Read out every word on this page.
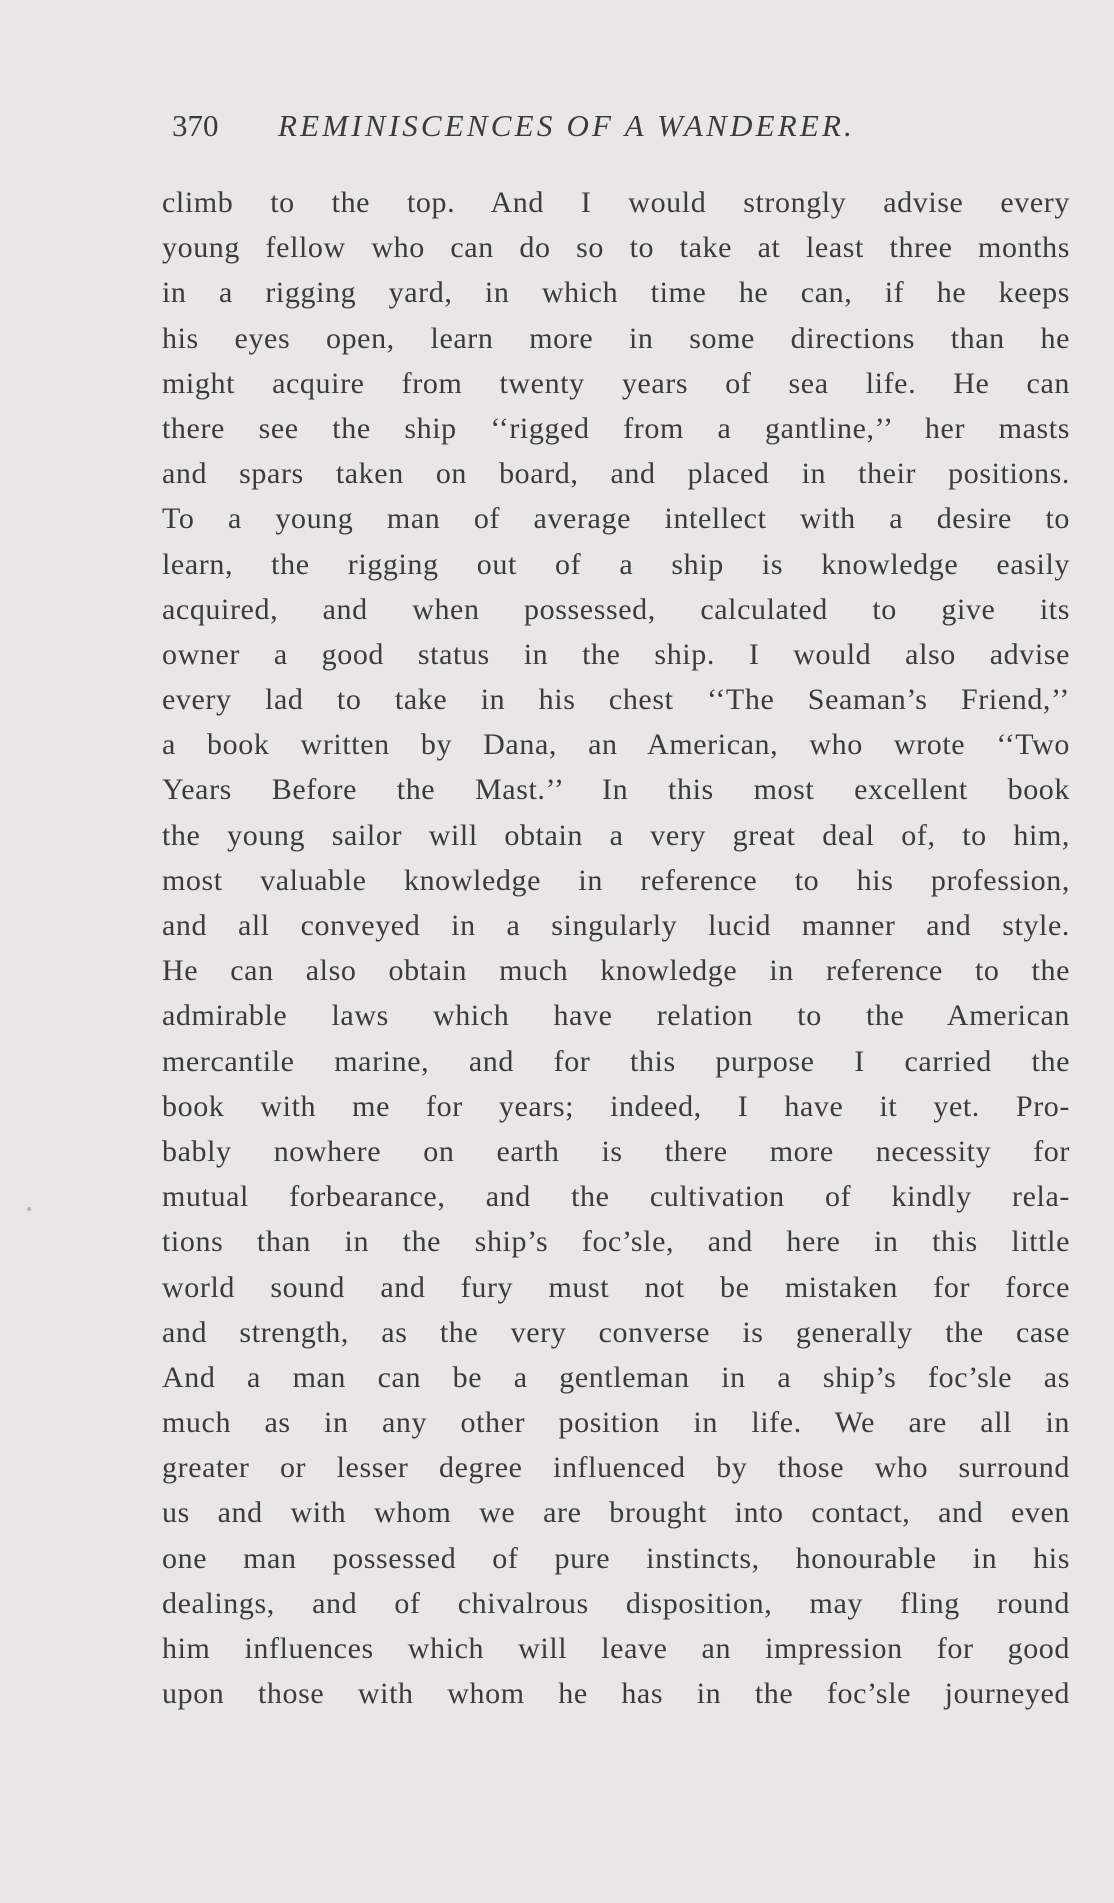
370 REMINISCENCES OF A WANDERER.
climb to the top. And I would strongly advise every
young fellow who can do so to take at least three months
in a rigging yard, in which time he can, if he keeps
his eyes open, learn more in some directions than he
might acquire from twenty years of sea life. He can
there see the ship ‘‘rigged from a gantline,’’ her masts
and spars taken on board, and placed in their positions.
To a young man of average intellect with a desire to
learn, the rigging out of a ship is knowledge easily
acquired, and when possessed, calculated to give its
owner a good status in the ship. I would also advise
every lad to take in his chest ‘‘The Seaman’s Friend,’’
a book written by Dana, an American, who wrote ‘‘Two
Years Before the Mast.’’ In this most excellent book
the young sailor will obtain a very great deal of, to him,
most valuable knowledge in reference to his profession,
and all conveyed in a singularly lucid manner and style.
He can also obtain much knowledge in reference to the
admirable laws which have relation to the American
mercantile marine, and for this purpose I carried the
book with me for years; indeed, I have it yet. Pro-
bably nowhere on earth is there more necessity for
mutual forbearance, and the cultivation of kindly rela-
tions than in the ship’s foc’sle, and here in this little
world sound and fury must not be mistaken for force
and strength, as the very converse is generally the case
And a man can be a gentleman in a ship’s foc’sle as
much as in any other position in life. We are all in
greater or lesser degree influenced by those who surround
us and with whom we are brought into contact, and even
one man possessed of pure instincts, honourable in his
dealings, and of chivalrous disposition, may fling round
him influences which will leave an impression for good
upon those with whom he has in the foc’sle journeyed
